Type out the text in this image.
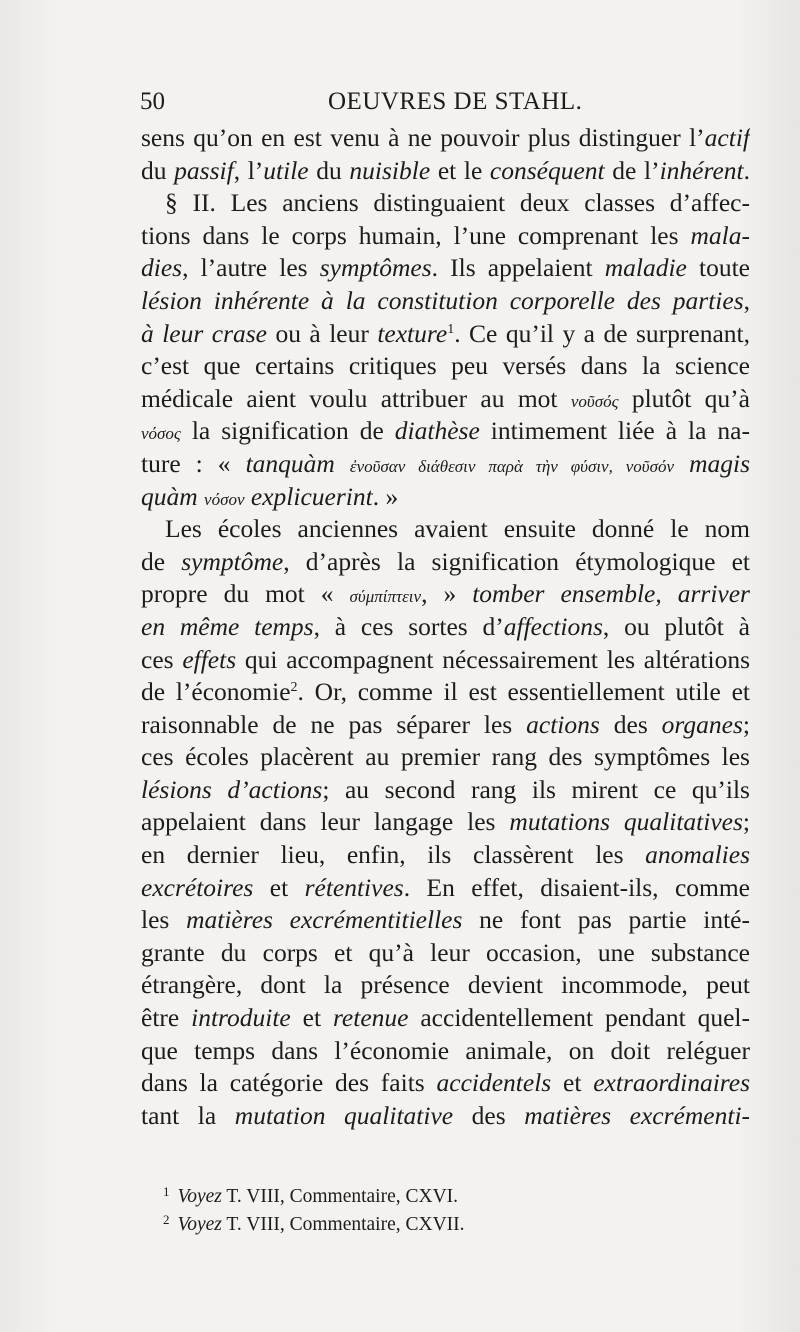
50	OEUVRES DE STAHL.
sens qu’on en est venu à ne pouvoir plus distinguer l’actif
du passif, l’utile du nuisible et le conséquent de l’inhérent.
§ II. Les anciens distinguaient deux classes d’affec-
tions dans le corps humain, l’une comprenant les mala-
dies, l’autre les symptômes. Ils appelaient maladie toute
lésion inhérente à la constitution corporelle des parties,
à leur crase ou à leur texture$^1$. Ce qu’il y a de surprenant,
c’est que certains critiques peu versés dans la science
médicale aient voulu attribuer au mot νοῦσός plutôt qu’à
νόσος la signification de diathèse intimement liée à la na-
ture : « tanquàm ἐνοῦσαν διάθεσιν παρὰ τὴν φύσιν, νοῦσόν magis
quàm νόσον explicuerint. »
Les écoles anciennes avaient ensuite donné le nom
de symptôme, d’après la signification étymologique et
propre du mot « σύμπίπτειν, » tomber ensemble, arriver
en même temps, à ces sortes d’affections, ou plutôt à
ces effets qui accompagnent nécessairement les altérations
de l’économie$^2$. Or, comme il est essentiellement utile et
raisonnable de ne pas séparer les actions des organes;
ces écoles placèrent au premier rang des symptômes les
lésions d’actions; au second rang ils mirent ce qu’ils
appelaient dans leur langage les mutations qualitatives;
en dernier lieu, enfin, ils classèrent les anomalies
excrétoires et rétentives. En effet, disaient-ils, comme
les matières excrémentitielles ne font pas partie inté-
grante du corps et qu’à leur occasion, une substance
étrangère, dont la présence devient incommode, peut
être introduite et retenue accidentellement pendant quel-
que temps dans l’économie animale, on doit reléguer
dans la catégorie des faits accidentels et extraordinaires
tant la mutation qualitative des matières excrémenti-
$^1$ Voyez T. VIII, Commentaire, CXVI.
$^2$ Voyez T. VIII, Commentaire, CXVII.
